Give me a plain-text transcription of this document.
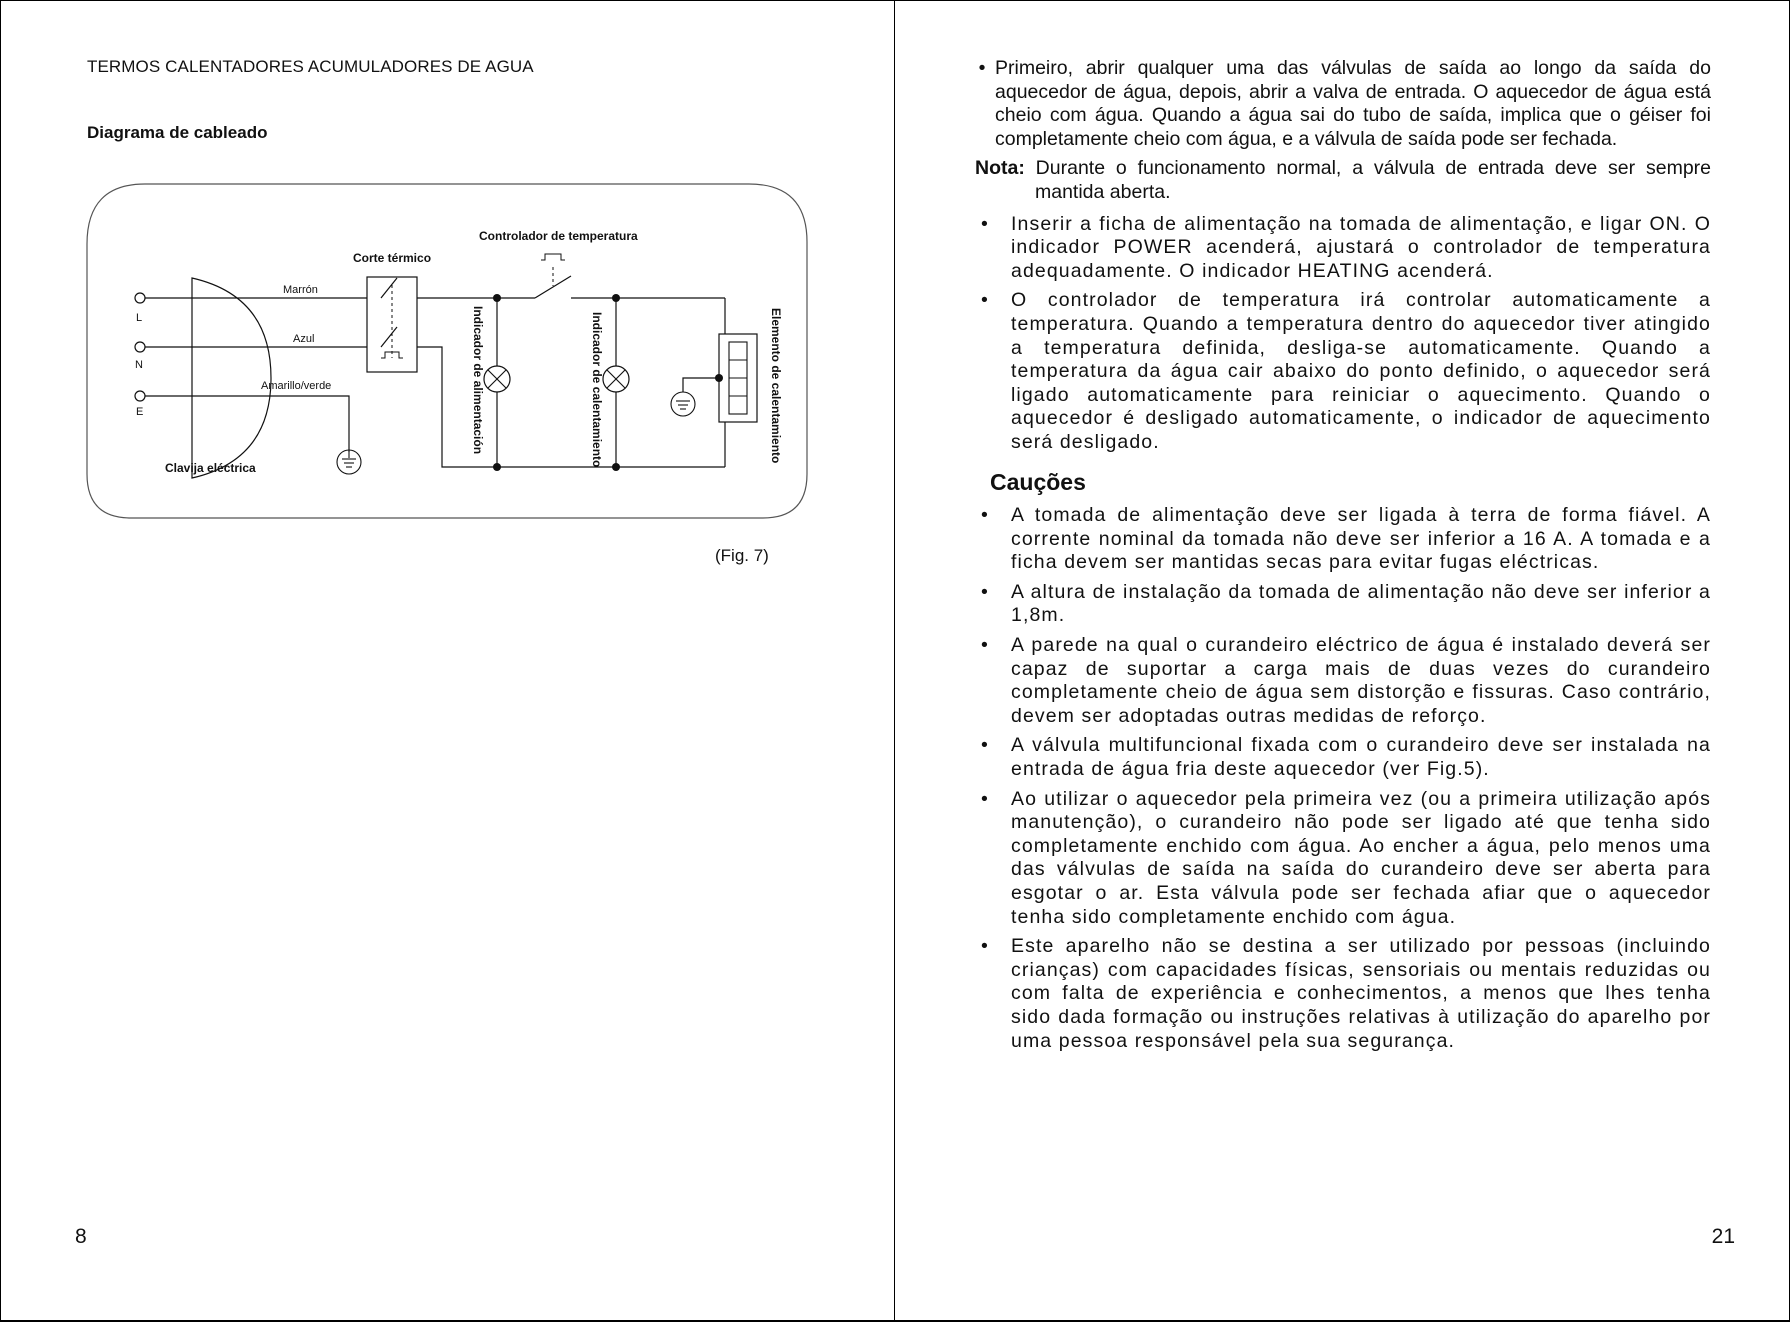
TERMOS CALENTADORES ACUMULADORES DE AGUA
Diagrama de cableado
L
N
E
Marrón
Azul
Amarillo/verde
Clavija eléctrica
Corte térmico
Controlador de temperatura
Indicador de alimentación	Indicador de calentamiento	Elemento de calentamiento
(Fig. 7)
8
• Primeiro, abrir qualquer uma das válvulas de saída ao longo da saída do aquecedor de água, depois, abrir a valva de entrada. O aquecedor de água está cheio com água. Quando a água sai do tubo de saída, implica que o géiser foi completamente cheio com água, e a válvula de saída pode ser fechada.
Nota: Durante o funcionamento normal, a válvula de entrada deve ser sempre mantida aberta.
•	Inserir a ficha de alimentação na tomada de alimentação, e ligar ON. O indicador POWER acenderá, ajustará o controlador de temperatura adequadamente. O indicador HEATING acenderá.
•	O controlador de temperatura irá controlar automaticamente a temperatura. Quando a temperatura dentro do aquecedor tiver atingido a temperatura definida, desliga-se automaticamente. Quando a temperatura da água cair abaixo do ponto definido, o aquecedor será ligado automaticamente para reiniciar o aquecimento. Quando o aquecedor é desligado automaticamente, o indicador de aquecimento será desligado.
Cauções
•	A tomada de alimentação deve ser ligada à terra de forma fiável. A corrente nominal da tomada não deve ser inferior a 16 A. A tomada e a ficha devem ser mantidas secas para evitar fugas eléctricas.
•	A altura de instalação da tomada de alimentação não deve ser inferior a 1,8m.
•	A parede na qual o curandeiro eléctrico de água é instalado deverá ser capaz de suportar a carga mais de duas vezes do curandeiro completamente cheio de água sem distorção e fissuras. Caso contrário, devem ser adoptadas outras medidas de reforço.
•	A válvula multifuncional fixada com o curandeiro deve ser instalada na entrada de água fria deste aquecedor (ver Fig.5).
•	Ao utilizar o aquecedor pela primeira vez (ou a primeira utilização após manutenção), o curandeiro não pode ser ligado até que tenha sido completamente enchido com água. Ao encher a água, pelo menos uma das válvulas de saída na saída do curandeiro deve ser aberta para esgotar o ar. Esta válvula pode ser fechada afiar que o aquecedor tenha sido completamente enchido com água.
•	Este aparelho não se destina a ser utilizado por pessoas (incluindo crianças) com capacidades físicas, sensoriais ou mentais reduzidas ou com falta de experiência e conhecimentos, a menos que lhes tenha sido dada formação ou instruções relativas à utilização do aparelho por uma pessoa responsável pela sua segurança.
21
